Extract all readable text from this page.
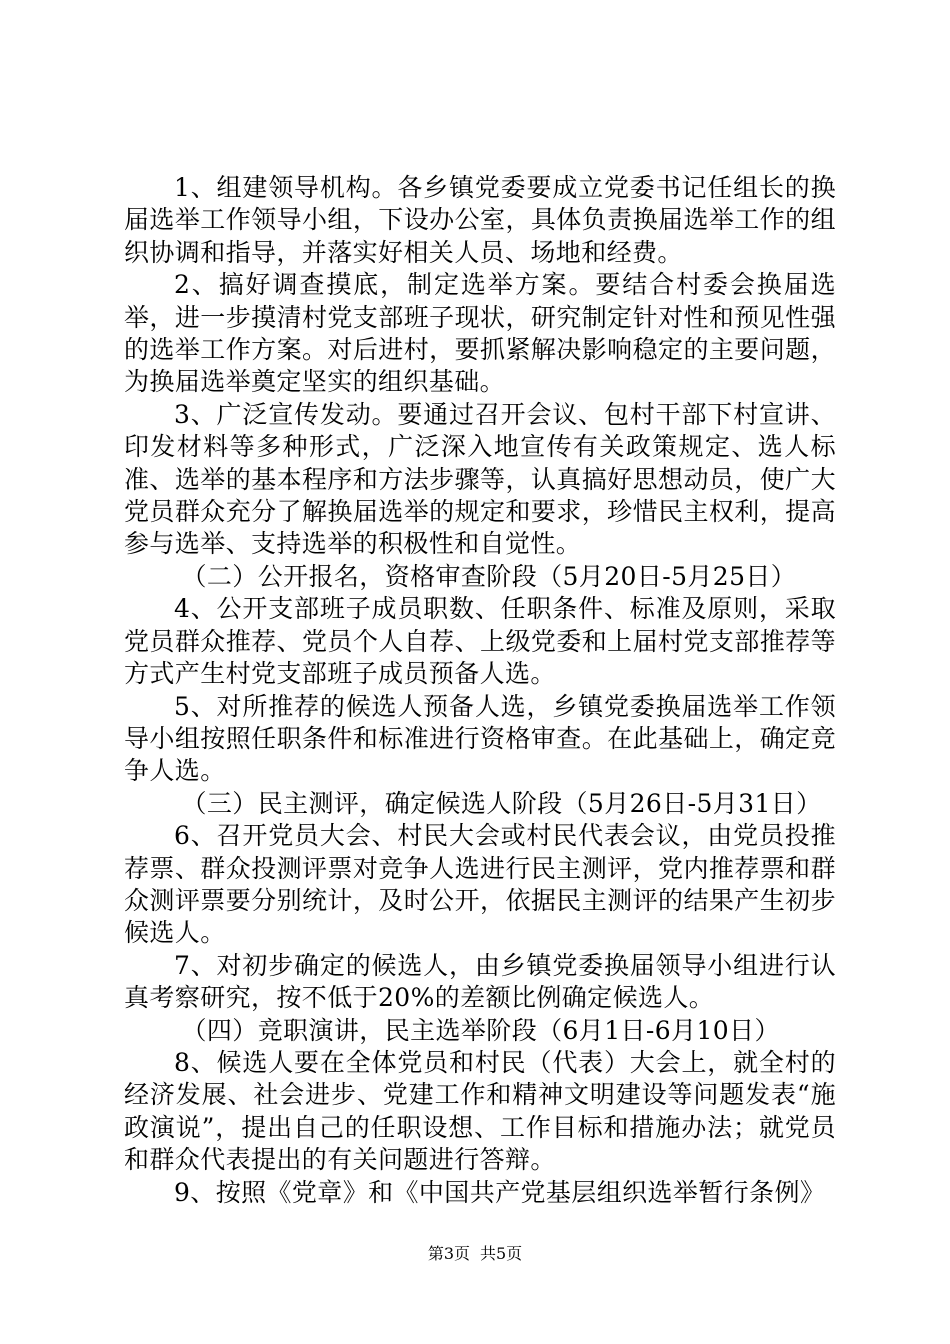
1、组建领导机构。各乡镇党委要成立党委书记任组长的换届选举工作领导小组，下设办公室，具体负责换届选举工作的组织协调和指导，并落实好相关人员、场地和经费。

2、搞好调查摸底，制定选举方案。要结合村委会换届选举，进一步摸清村党支部班子现状，研究制定针对性和预见性强的选举工作方案。对后进村，要抓紧解决影响稳定的主要问题，为换届选举奠定坚实的组织基础。

3、广泛宣传发动。要通过召开会议、包村干部下村宣讲、印发材料等多种形式，广泛深入地宣传有关政策规定、选人标准、选举的基本程序和方法步骤等，认真搞好思想动员，使广大党员群众充分了解换届选举的规定和要求，珍惜民主权利，提高参与选举、支持选举的积极性和自觉性。

（二）公开报名，资格审查阶段（5月20日-5月25日）

4、公开支部班子成员职数、任职条件、标准及原则，采取党员群众推荐、党员个人自荐、上级党委和上届村党支部推荐等方式产生村党支部班子成员预备人选。

5、对所推荐的候选人预备人选，乡镇党委换届选举工作领导小组按照任职条件和标准进行资格审查。在此基础上，确定竞争人选。

（三）民主测评，确定候选人阶段（5月26日-5月31日）

6、召开党员大会、村民大会或村民代表会议，由党员投推荐票、群众投测评票对竞争人选进行民主测评，党内推荐票和群众测评票要分别统计，及时公开，依据民主测评的结果产生初步候选人。

7、对初步确定的候选人，由乡镇党委换届领导小组进行认真考察研究，按不低于20%的差额比例确定候选人。

（四）竞职演讲，民主选举阶段（6月1日-6月10日）

8、候选人要在全体党员和村民（代表）大会上，就全村的经济发展、社会进步、党建工作和精神文明建设等问题发表“施政演说”，提出自己的任职设想、工作目标和措施办法；就党员和群众代表提出的有关问题进行答辩。

9、按照《党章》和《中国共产党基层组织选举暂行条例》

第3页 共5页
